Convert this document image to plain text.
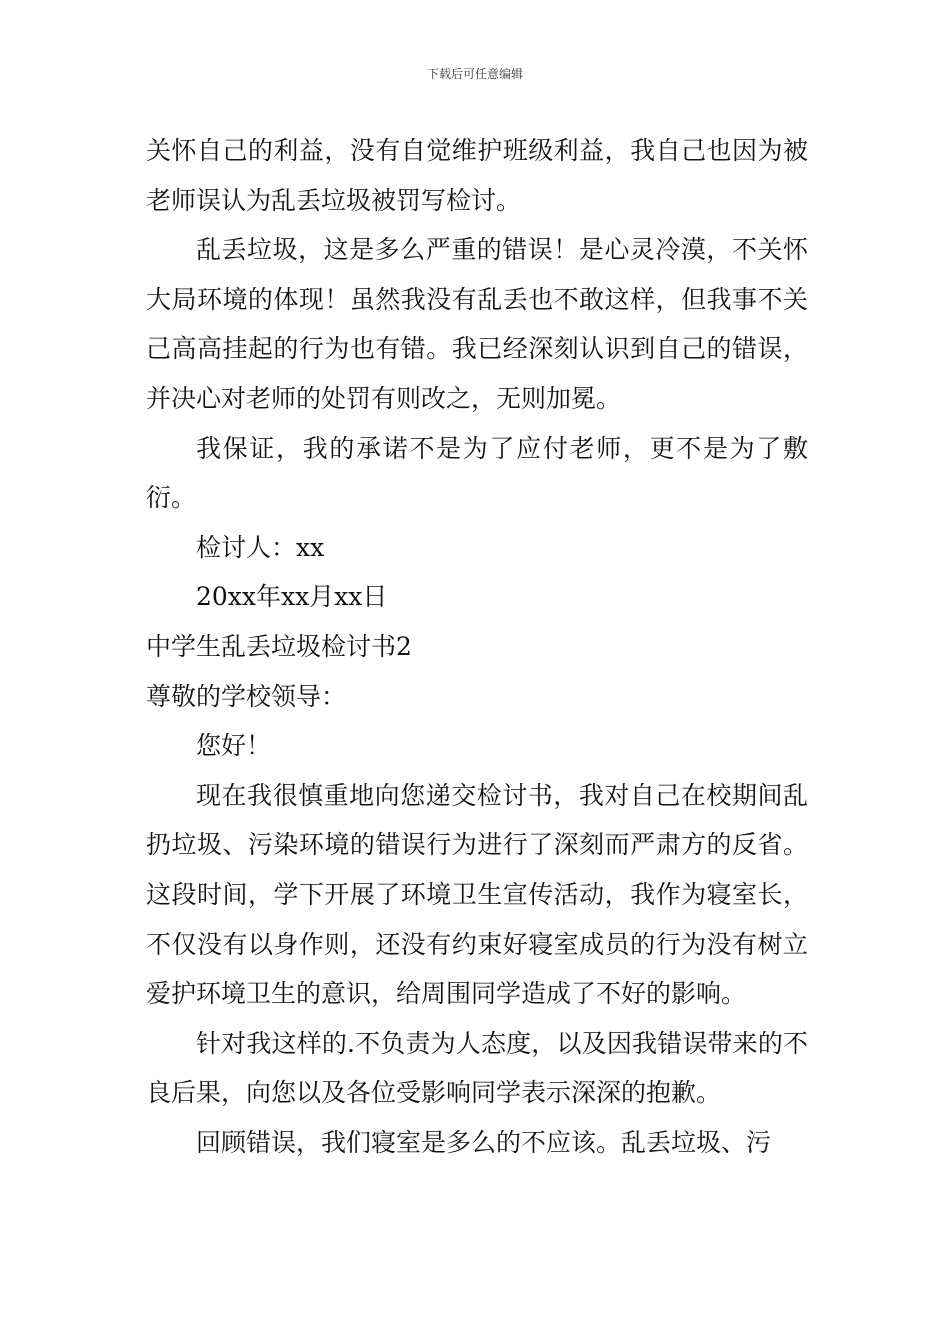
下载后可任意编辑

关怀自己的利益，没有自觉维护班级利益，我自己也因为被老师误认为乱丢垃圾被罚写检讨。

乱丢垃圾，这是多么严重的错误！是心灵冷漠，不关怀大局环境的体现！虽然我没有乱丢也不敢这样，但我事不关己高高挂起的行为也有错。我已经深刻认识到自己的错误，并决心对老师的处罚有则改之，无则加冕。

我保证，我的承诺不是为了应付老师，更不是为了敷衍。

检讨人：xx

20xx年xx月xx日

中学生乱丢垃圾检讨书2

尊敬的学校领导：

您好！

现在我很慎重地向您递交检讨书，我对自己在校期间乱扔垃圾、污染环境的错误行为进行了深刻而严肃方的反省。这段时间，学下开展了环境卫生宣传活动，我作为寝室长，不仅没有以身作则，还没有约束好寝室成员的行为没有树立爱护环境卫生的意识，给周围同学造成了不好的影响。

针对我这样的.不负责为人态度，以及因我错误带来的不良后果，向您以及各位受影响同学表示深深的抱歉。

回顾错误，我们寝室是多么的不应该。乱丢垃圾、污
